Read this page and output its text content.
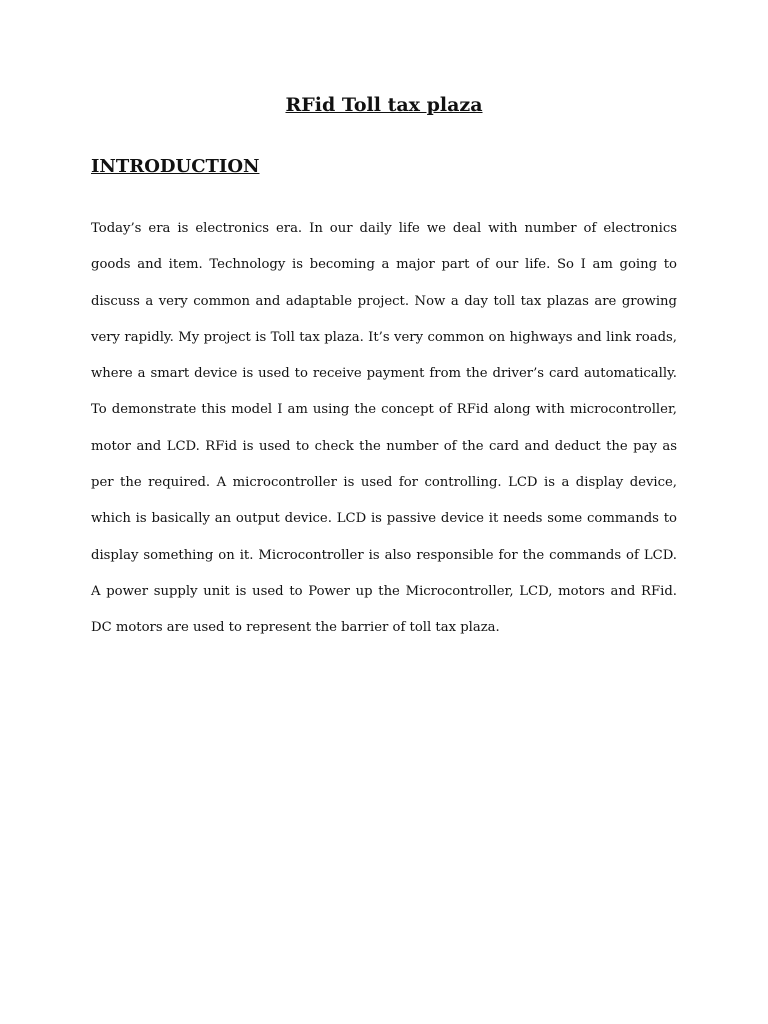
RFid Toll tax plaza
INTRODUCTION

Today’s era is electronics era. In our daily life we deal with number of electronics goods and item. Technology is becoming a major part of our life. So I am going to discuss a very common and adaptable project. Now a day toll tax plazas are growing very rapidly. My project is Toll tax plaza. It’s very common on highways and link roads, where a smart device is used to receive payment from the driver’s card automatically. To demonstrate this model I am using the concept of RFid along with microcontroller, motor and LCD. RFid is used to check the number of the card and deduct the pay as per the required. A microcontroller is used for controlling. LCD is a display device, which is basically an output device. LCD is passive device it needs some commands to display something on it. Microcontroller is also responsible for the commands of LCD. A power supply unit is used to Power up the Microcontroller, LCD, motors and RFid. DC motors are used to represent the barrier of toll tax plaza.
